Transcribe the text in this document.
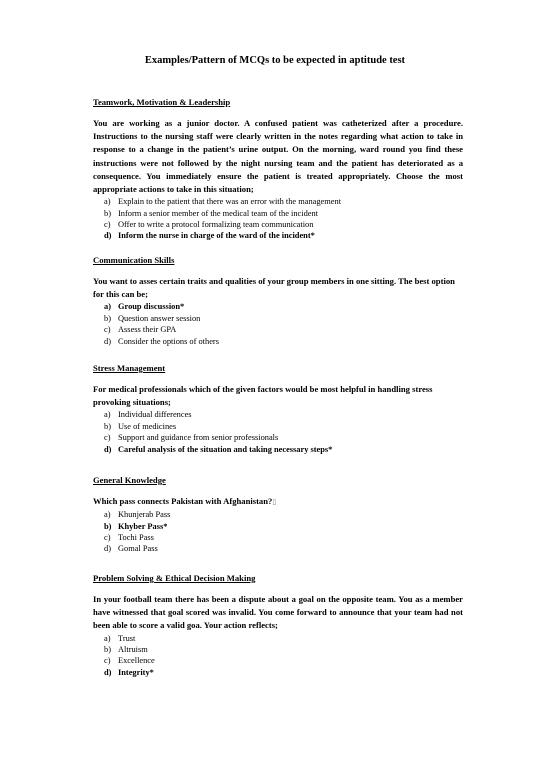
Examples/Pattern of MCQs to be expected in aptitude test
Teamwork, Motivation & Leadership

You are working as a junior doctor. A confused patient was catheterized after a procedure. Instructions to the nursing staff were clearly written in the notes regarding what action to take in response to a change in the patient’s urine output. On the morning, ward round you find these instructions were not followed by the night nursing team and the patient has deteriorated as a consequence. You immediately ensure the patient is treated appropriately. Choose the most appropriate actions to take in this situation;

a) Explain to the patient that there was an error with the management
b) Inform a senior member of the medical team of the incident
c) Offer to write a protocol formalizing team communication
d) Inform the nurse in charge of the ward of the incident*
Communication Skills

You want to asses certain traits and qualities of your group members in one sitting. The best option for this can be;

a) Group discussion*
b) Question answer session
c) Assess their GPA
d) Consider the options of others
Stress Management

For medical professionals which of the given factors would be most helpful in handling stress provoking situations;

a) Individual differences
b) Use of medicines
c) Support and guidance from senior professionals
d) Careful analysis of the situation and taking necessary steps*
General Knowledge

Which pass connects Pakistan with Afghanistan?▯

a) Khunjerab Pass
b) Khyber Pass*
c) Tochi Pass
d) Gomal Pass
Problem Solving & Ethical Decision Making

In your football team there has been a dispute about a goal on the opposite team. You as a member have witnessed that goal scored was invalid. You come forward to announce that your team had not been able to score a valid goa. Your action reflects;

a) Trust
b) Altruism
c) Excellence
d) Integrity*
